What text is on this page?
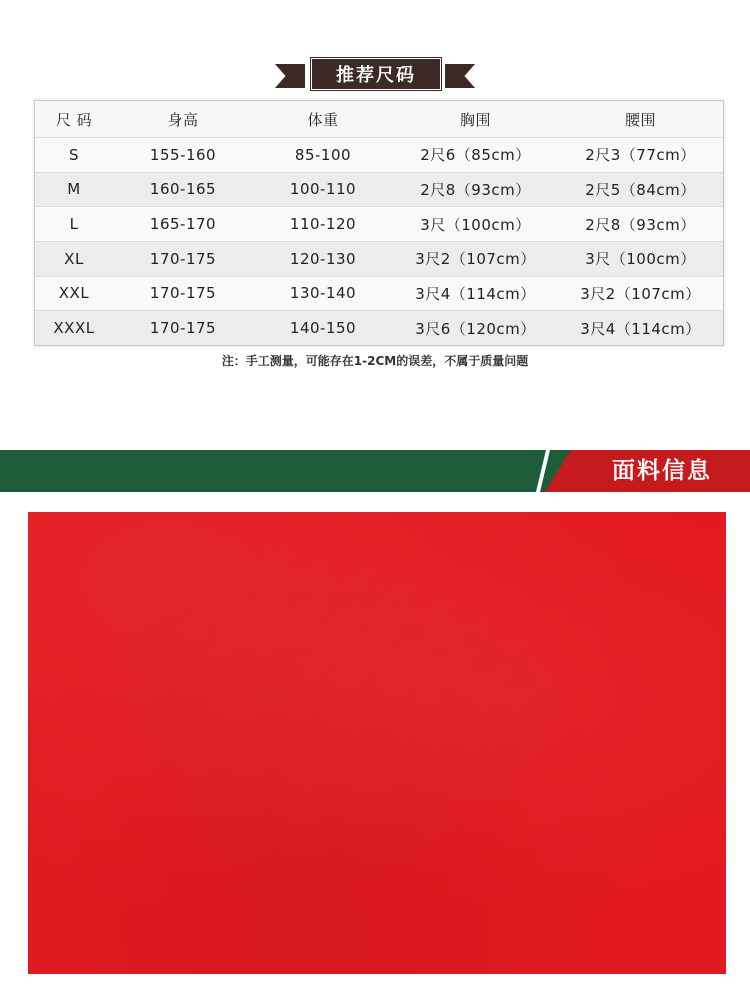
推荐尺码
尺 码	身高	体重	胸围	腰围
S	155-160	85-100	2尺6（85cm）	2尺3（77cm）
M	160-165	100-110	2尺8（93cm）	2尺5（84cm）
L	165-170	110-120	3尺（100cm）	2尺8（93cm）
XL	170-175	120-130	3尺2（107cm）	3尺（100cm）
XXL	170-175	130-140	3尺4（114cm）	3尺2（107cm）
XXXL	170-175	140-150	3尺6（120cm）	3尺4（114cm）
注：手工测量，可能存在1-2CM的误差，不属于质量问题
面料信息
